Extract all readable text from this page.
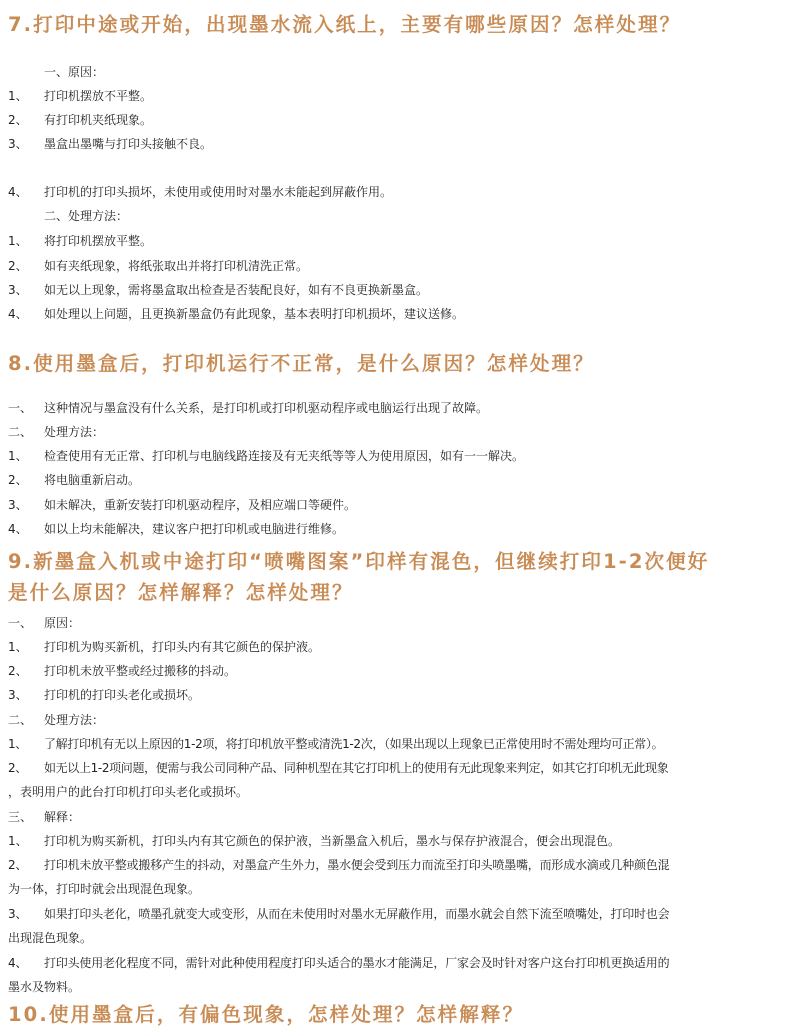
7.打印中途或开始，出现墨水流入纸上，主要有哪些原因？怎样处理？

一、原因：

1、 打印机摆放不平整。

2、 有打印机夹纸现象。

3、 墨盒出墨嘴与打印头接触不良。

4、 打印机的打印头损坏，未使用或使用时对墨水未能起到屏蔽作用。

二、处理方法：

1、 将打印机摆放平整。

2、 如有夹纸现象，将纸张取出并将打印机清洗正常。

3、 如无以上现象，需将墨盒取出检查是否装配良好，如有不良更换新墨盒。

4、 如处理以上问题，且更换新墨盒仍有此现象，基本表明打印机损坏，建议送修。

8.使用墨盒后，打印机运行不正常，是什么原因？怎样处理？

一、 这种情况与墨盒没有什么关系，是打印机或打印机驱动程序或电脑运行出现了故障。

二、 处理方法：

1、 检查使用有无正常、打印机与电脑线路连接及有无夹纸等等人为使用原因，如有一一解决。

2、 将电脑重新启动。

3、 如未解决，重新安装打印机驱动程序，及相应端口等硬件。

4、 如以上均未能解决，建议客户把打印机或电脑进行维修。

9.新墨盒入机或中途打印“喷嘴图案”印样有混色，但继续打印1-2次便好
是什么原因？怎样解释？怎样处理？

一、 原因：

1、 打印机为购买新机，打印头内有其它颜色的保护液。

2、 打印机未放平整或经过搬移的抖动。

3、 打印机的打印头老化或损坏。

二、 处理方法：

1、 了解打印机有无以上原因的1-2项，将打印机放平整或清洗1-2次，（如果出现以上现象已正常使用时不需处理均可正常）。

2、 如无以上1-2项问题，便需与我公司同种产品、同种机型在其它打印机上的使用有无此现象来判定，如其它打印机无此现象

，表明用户的此台打印机打印头老化或损坏。

三、 解释：

1、 打印机为购买新机，打印头内有其它颜色的保护液，当新墨盒入机后，墨水与保存护液混合，便会出现混色。

2、 打印机未放平整或搬移产生的抖动，对墨盒产生外力，墨水便会受到压力而流至打印头喷墨嘴，而形成水滴或几种颜色混

为一体，打印时就会出现混色现象。

3、 如果打印头老化，喷墨孔就变大或变形，从而在未使用时对墨水无屏蔽作用，而墨水就会自然下流至喷嘴处，打印时也会

出现混色现象。

4、 打印头使用老化程度不同，需针对此种使用程度打印头适合的墨水才能满足，厂家会及时针对客户这台打印机更换适用的

墨水及物料。

10.使用墨盒后，有偏色现象，怎样处理？怎样解释？
